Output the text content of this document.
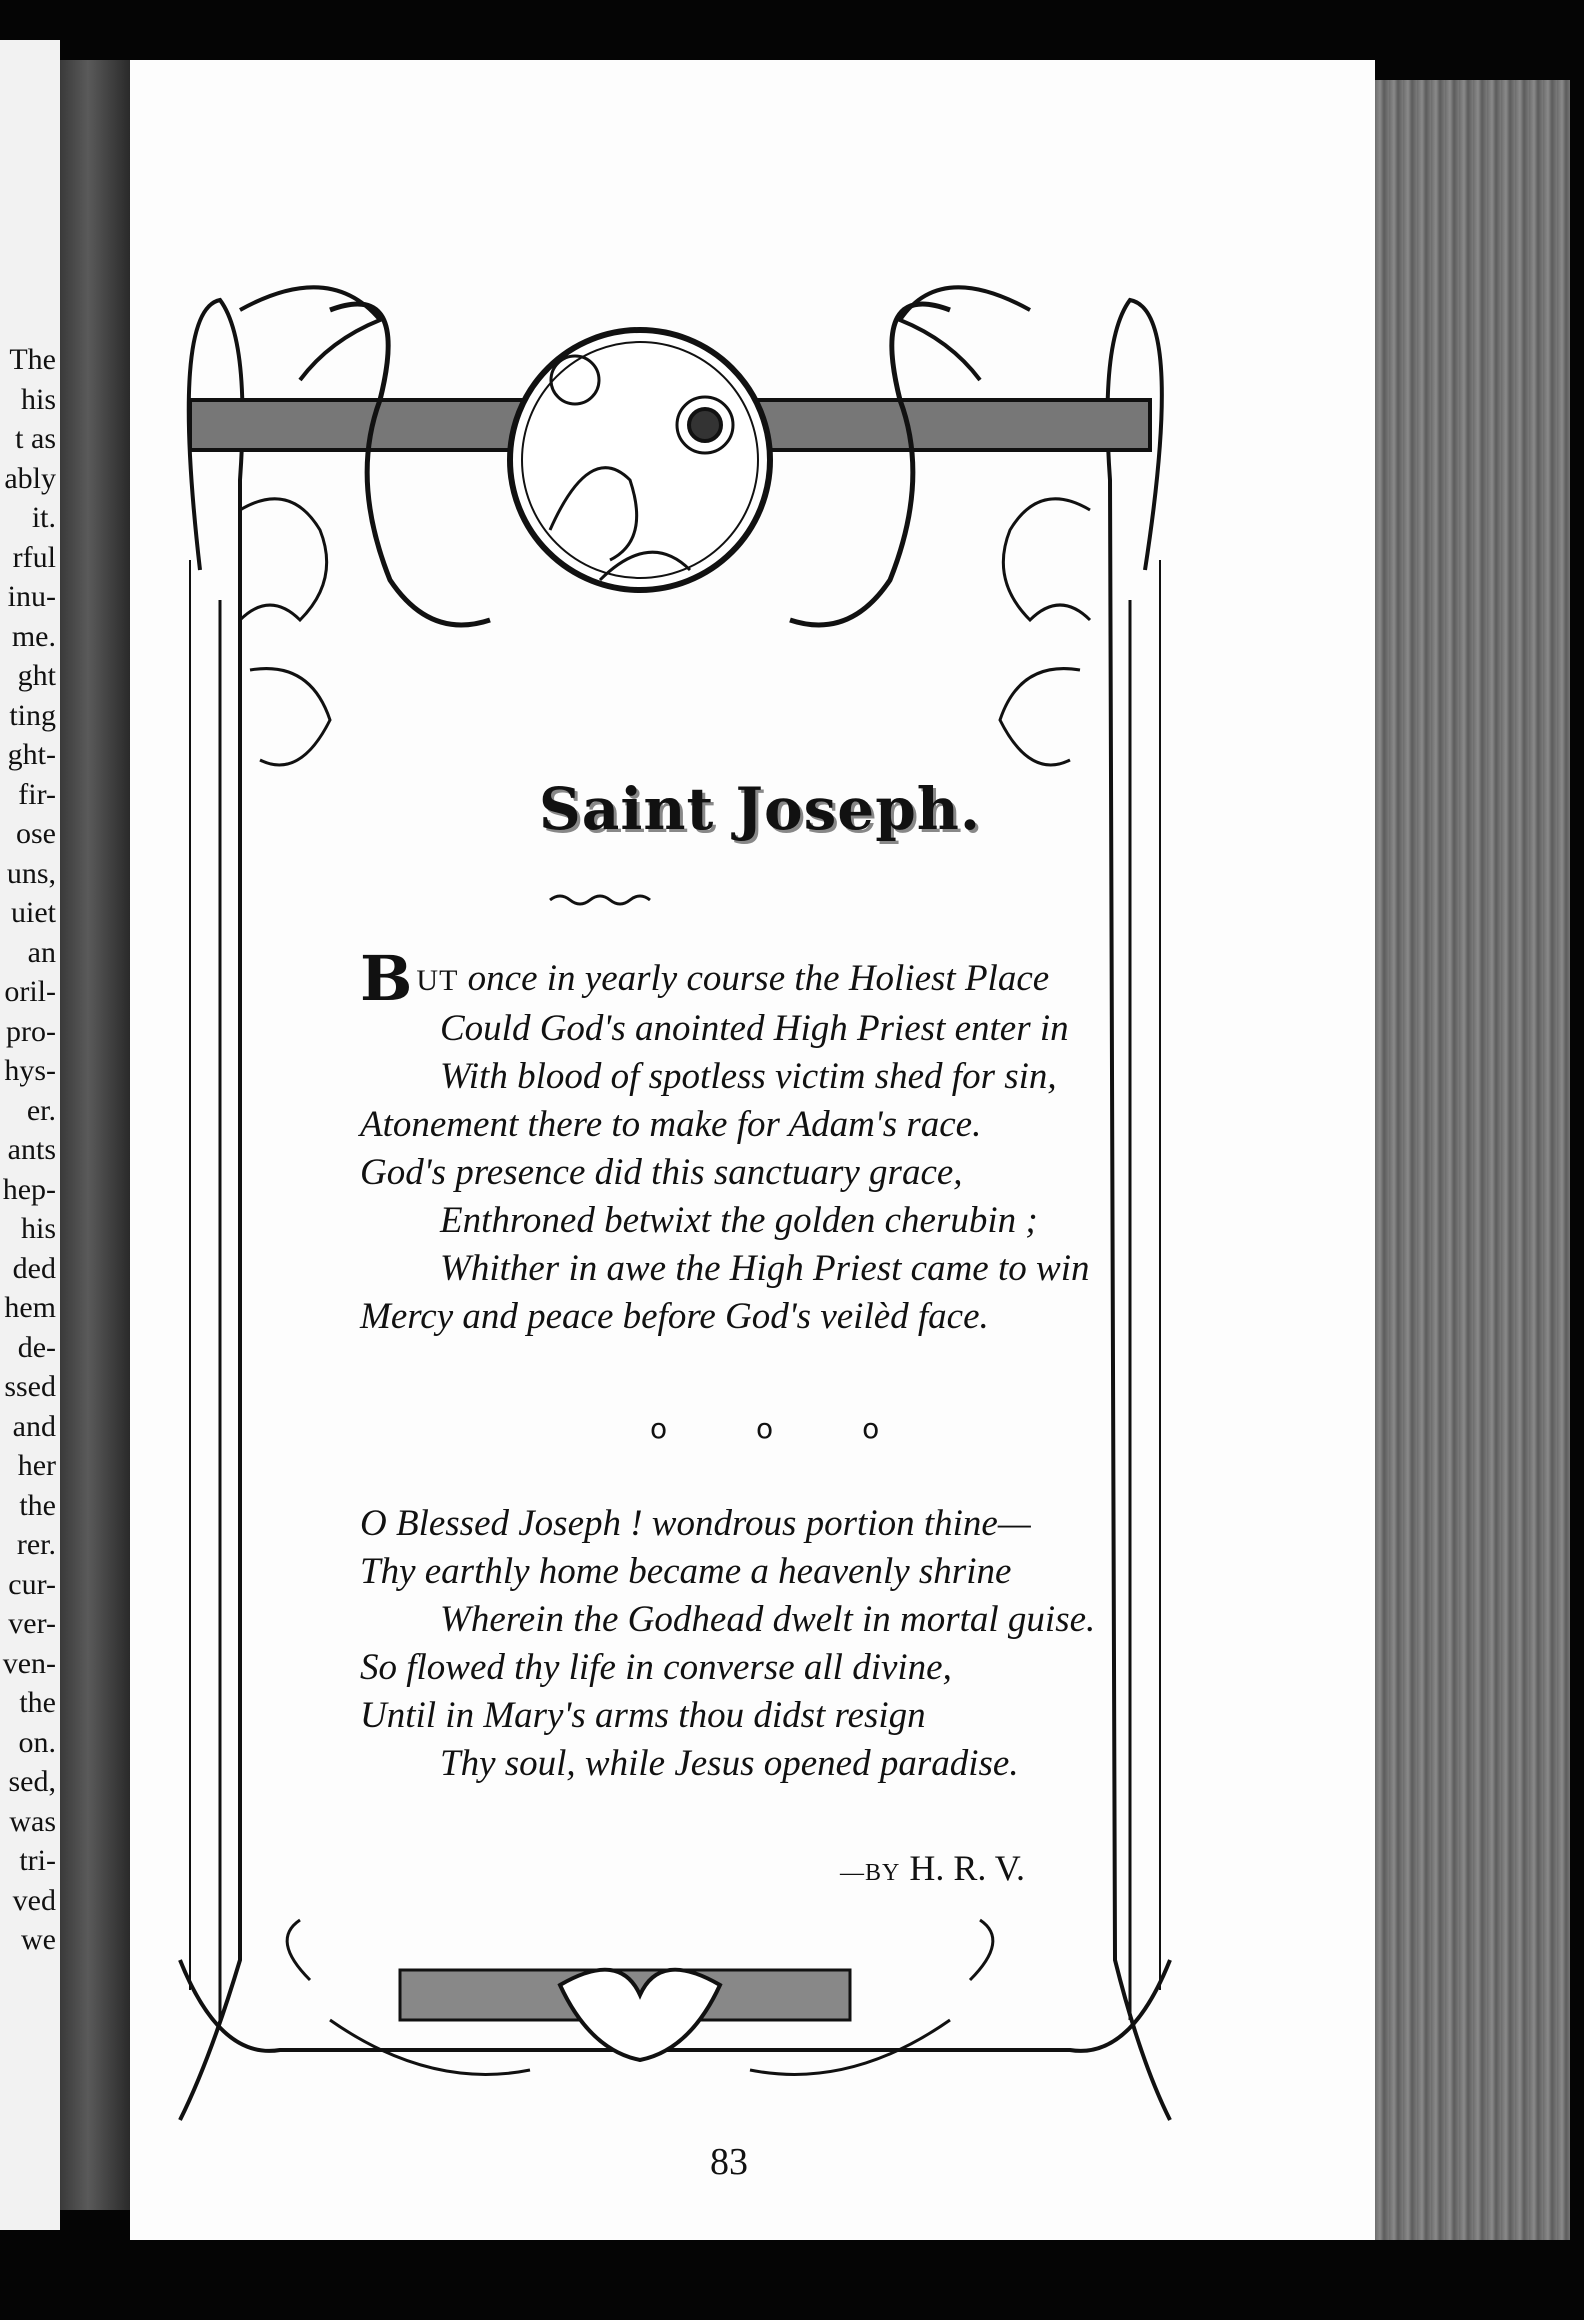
The
his
t as
ably
it.
rful
inu-
me.
ght
ting
ght-
fir-
ose
uns,
uiet
an
oril-
pro-
hys-
er.
ants
hep-
his
ded
hem
de-
ssed
and
her
the
rer.
cur-
ver-
ven-
the
on.
sed,
was
tri-
ved
we
Saint Joseph.
BUT once in yearly course the Holiest Place
Could God's anointed High Priest enter in
With blood of spotless victim shed for sin,
Atonement there to make for Adam's race.
God's presence did this sanctuary grace,
Enthroned betwixt the golden cherubin ;
Whither in awe the High Priest came to win
Mercy and peace before God's veilèd face.
o o o
O Blessed Joseph ! wondrous portion thine—
Thy earthly home became a heavenly shrine
Wherein the Godhead dwelt in mortal guise.
So flowed thy life in converse all divine,
Until in Mary's arms thou didst resign
Thy soul, while Jesus opened paradise.
—BY H. R. V.
83
